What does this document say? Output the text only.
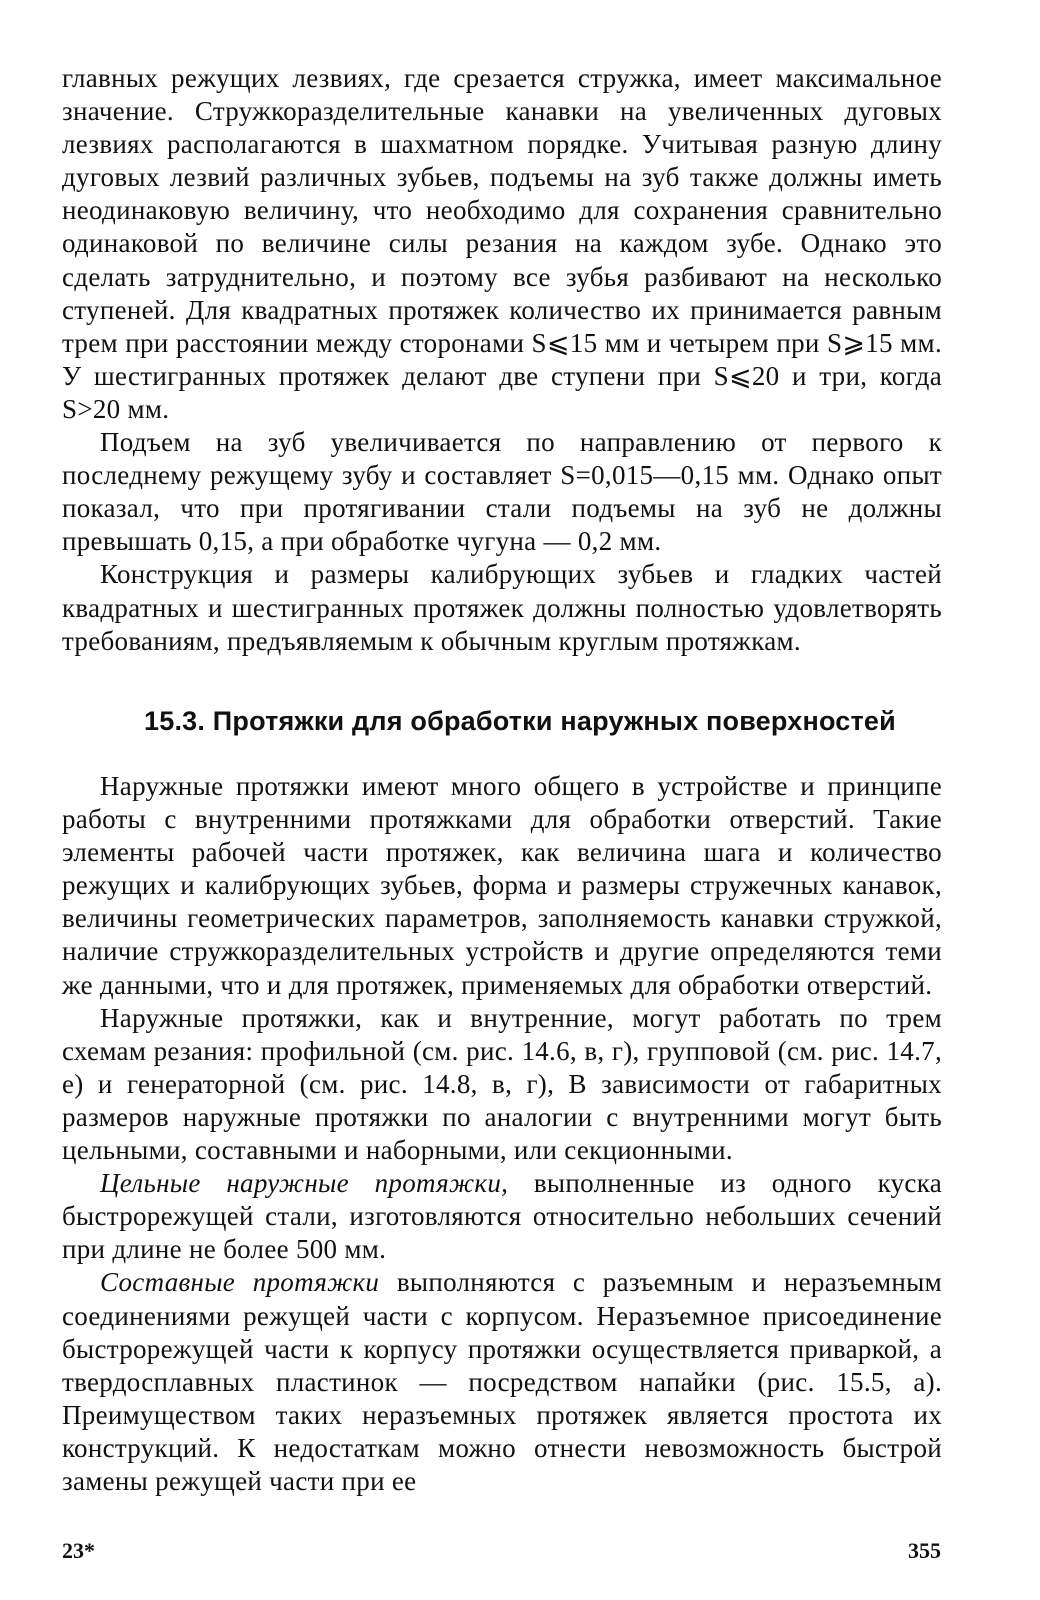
главных режущих лезвиях, где срезается стружка, имеет максимальное значение. Стружкоразделительные канавки на увеличенных дуговых лезвиях располагаются в шахматном порядке. Учитывая разную длину дуговых лезвий различных зубьев, подъемы на зуб также должны иметь неодинаковую величину, что необходимо для сохранения сравнительно одинаковой по величине силы резания на каждом зубе. Однако это сделать затруднительно, и поэтому все зубья разбивают на несколько ступеней. Для квадратных протяжек количество их принимается равным трем при расстоянии между сторонами S⩽15 мм и четырем при S⩾15 мм. У шестигранных протяжек делают две ступени при S⩽20 и три, когда S>20 мм.

Подъем на зуб увеличивается по направлению от первого к последнему режущему зубу и составляет S=0,015—0,15 мм. Однако опыт показал, что при протягивании стали подъемы на зуб не должны превышать 0,15, а при обработке чугуна — 0,2 мм.

Конструкция и размеры калибрующих зубьев и гладких частей квадратных и шестигранных протяжек должны полностью удовлетворять требованиям, предъявляемым к обычным круглым протяжкам.

15.3. Протяжки для обработки наружных поверхностей

Наружные протяжки имеют много общего в устройстве и принципе работы с внутренними протяжками для обработки отверстий. Такие элементы рабочей части протяжек, как величина шага и количество режущих и калибрующих зубьев, форма и размеры стружечных канавок, величины геометрических параметров, заполняемость канавки стружкой, наличие стружкоразделительных устройств и другие определяются теми же данными, что и для протяжек, применяемых для обработки отверстий.

Наружные протяжки, как и внутренние, могут работать по трем схемам резания: профильной (см. рис. 14.6, в, г), групповой (см. рис. 14.7, е) и генераторной (см. рис. 14.8, в, г), В зависимости от габаритных размеров наружные протяжки по аналогии с внутренними могут быть цельными, составными и наборными, или секционными.

Цельные наружные протяжки, выполненные из одного куска быстрорежущей стали, изготовляются относительно небольших сечений при длине не более 500 мм.

Составные протяжки выполняются с разъемным и неразъемным соединениями режущей части с корпусом. Неразъемное присоединение быстрорежущей части к корпусу протяжки осуществляется приваркой, а твердосплавных пластинок — посредством напайки (рис. 15.5, а). Преимуществом таких неразъемных протяжек является простота их конструкций. К недостаткам можно отнести невозможность быстрой замены режущей части при ее

23*	355
